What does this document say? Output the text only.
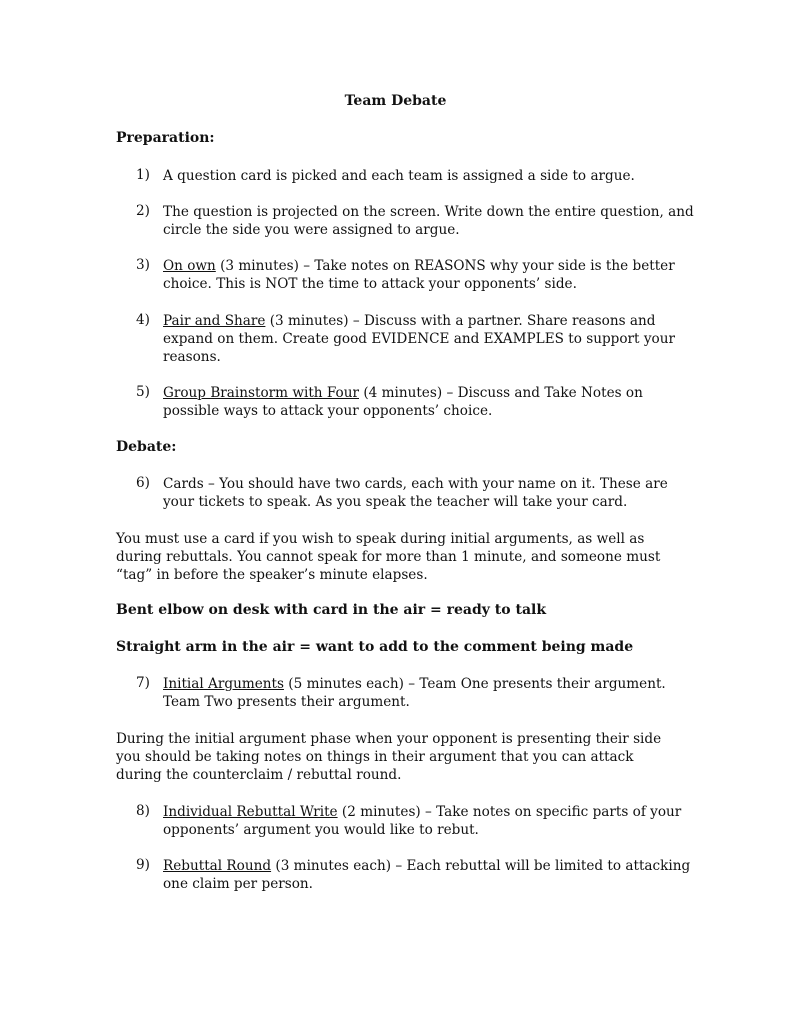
Team Debate
Preparation:
1) A question card is picked and each team is assigned a side to argue.
2) The question is projected on the screen. Write down the entire question, and circle the side you were assigned to argue.
3) On own (3 minutes) – Take notes on REASONS why your side is the better choice. This is NOT the time to attack your opponents’ side.
4) Pair and Share (3 minutes) – Discuss with a partner. Share reasons and expand on them. Create good EVIDENCE and EXAMPLES to support your reasons.
5) Group Brainstorm with Four (4 minutes) – Discuss and Take Notes on possible ways to attack your opponents’ choice.
Debate:
6) Cards – You should have two cards, each with your name on it. These are your tickets to speak. As you speak the teacher will take your card.
You must use a card if you wish to speak during initial arguments, as well as during rebuttals. You cannot speak for more than 1 minute, and someone must “tag” in before the speaker’s minute elapses.
Bent elbow on desk with card in the air = ready to talk
Straight arm in the air = want to add to the comment being made
7) Initial Arguments (5 minutes each) – Team One presents their argument. Team Two presents their argument.
During the initial argument phase when your opponent is presenting their side you should be taking notes on things in their argument that you can attack during the counterclaim / rebuttal round.
8) Individual Rebuttal Write (2 minutes) – Take notes on specific parts of your opponents’ argument you would like to rebut.
9) Rebuttal Round (3 minutes each) – Each rebuttal will be limited to attacking one claim per person.
